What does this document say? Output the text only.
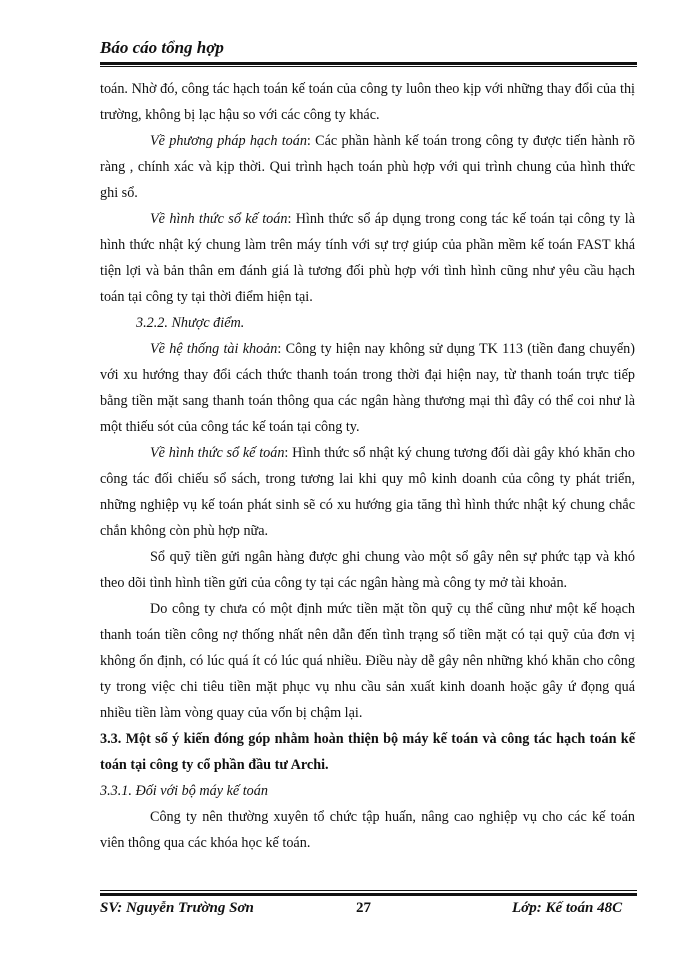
Báo cáo tổng hợp

toán. Nhờ đó, công tác hạch toán kế toán của công ty luôn theo kịp với những thay đổi của thị trường, không bị lạc hậu so với các công ty khác.

Về phương pháp hạch toán: Các phần hành kế toán trong công ty được tiến hành rõ ràng , chính xác và kịp thời. Qui trình hạch toán phù hợp với qui trình chung của hình thức ghi sổ.

Về hình thức sổ kế toán: Hình thức sổ áp dụng trong cong tác kế toán tại công ty là hình thức nhật ký chung làm trên máy tính với sự trợ giúp của phần mềm kế toán FAST khá tiện lợi và bản thân em đánh giá là tương đối phù hợp với tình hình cũng như yêu cầu hạch toán tại công ty tại thời điểm hiện tại.

3.2.2. Nhược điểm.

Về hệ thống tài khoản: Công ty hiện nay không sử dụng TK 113 (tiền đang chuyển) với xu hướng thay đổi cách thức thanh toán trong thời đại hiện nay, từ thanh toán trực tiếp bằng tiền mặt sang thanh toán thông qua các ngân hàng thương mại thì đây có thể coi như là một thiếu sót của công tác kế toán tại công ty.

Về hình thức sổ kế toán: Hình thức sổ nhật ký chung tương đối dài gây khó khăn cho công tác đối chiếu sổ sách, trong tương lai khi quy mô kinh doanh của công ty phát triển, những nghiệp vụ kế toán phát sinh sẽ có xu hướng gia tăng thì hình thức nhật ký chung chắc chắn không còn phù hợp nữa.

Sổ quỹ tiền gửi ngân hàng được ghi chung vào một sổ gây nên sự phức tạp và khó theo dõi tình hình tiền gửi của công ty tại các ngân hàng mà công ty mở tài khoản.

Do công ty chưa có một định mức tiền mặt tồn quỹ cụ thể cũng như một kế hoạch thanh toán tiền công nợ thống nhất nên dẫn đến tình trạng số tiền mặt có tại quỹ của đơn vị không ổn định, có lúc quá ít có lúc quá nhiều. Điều này dễ gây nên những khó khăn cho công ty trong việc chi tiêu tiền mặt phục vụ nhu cầu sản xuất kinh doanh hoặc gây ứ đọng quá nhiều tiền làm vòng quay của vốn bị chậm lại.

3.3. Một số ý kiến đóng góp nhằm hoàn thiện bộ máy kế toán và công tác hạch toán kế toán tại công ty cổ phần đầu tư Archi.

3.3.1. Đối với bộ máy kế toán

Công ty nên thường xuyên tổ chức tập huấn, nâng cao nghiệp vụ cho các kế toán viên thông qua các khóa học kế toán.

SV: Nguyễn Trường Sơn	27	Lớp: Kế toán 48C
